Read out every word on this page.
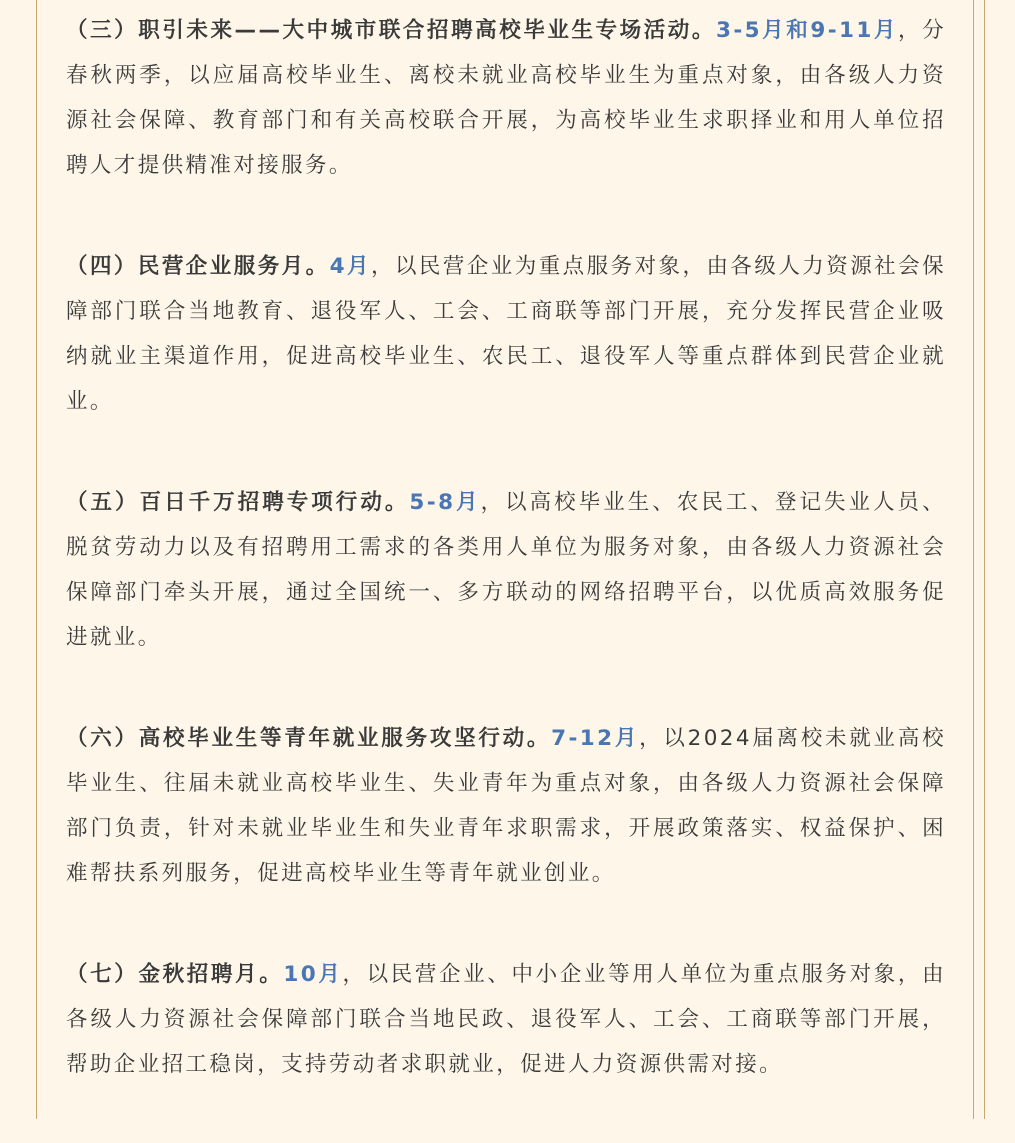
（三）职引未来——大中城市联合招聘高校毕业生专场活动。3-5月和9-11月，分春秋两季，以应届高校毕业生、离校未就业高校毕业生为重点对象，由各级人力资源社会保障、教育部门和有关高校联合开展，为高校毕业生求职择业和用人单位招聘人才提供精准对接服务。

（四）民营企业服务月。4月，以民营企业为重点服务对象，由各级人力资源社会保障部门联合当地教育、退役军人、工会、工商联等部门开展，充分发挥民营企业吸纳就业主渠道作用，促进高校毕业生、农民工、退役军人等重点群体到民营企业就业。

（五）百日千万招聘专项行动。5-8月，以高校毕业生、农民工、登记失业人员、脱贫劳动力以及有招聘用工需求的各类用人单位为服务对象，由各级人力资源社会保障部门牵头开展，通过全国统一、多方联动的网络招聘平台，以优质高效服务促进就业。

（六）高校毕业生等青年就业服务攻坚行动。7-12月，以2024届离校未就业高校毕业生、往届未就业高校毕业生、失业青年为重点对象，由各级人力资源社会保障部门负责，针对未就业毕业生和失业青年求职需求，开展政策落实、权益保护、困难帮扶系列服务，促进高校毕业生等青年就业创业。

（七）金秋招聘月。10月，以民营企业、中小企业等用人单位为重点服务对象，由各级人力资源社会保障部门联合当地民政、退役军人、工会、工商联等部门开展，帮助企业招工稳岗，支持劳动者求职就业，促进人力资源供需对接。
